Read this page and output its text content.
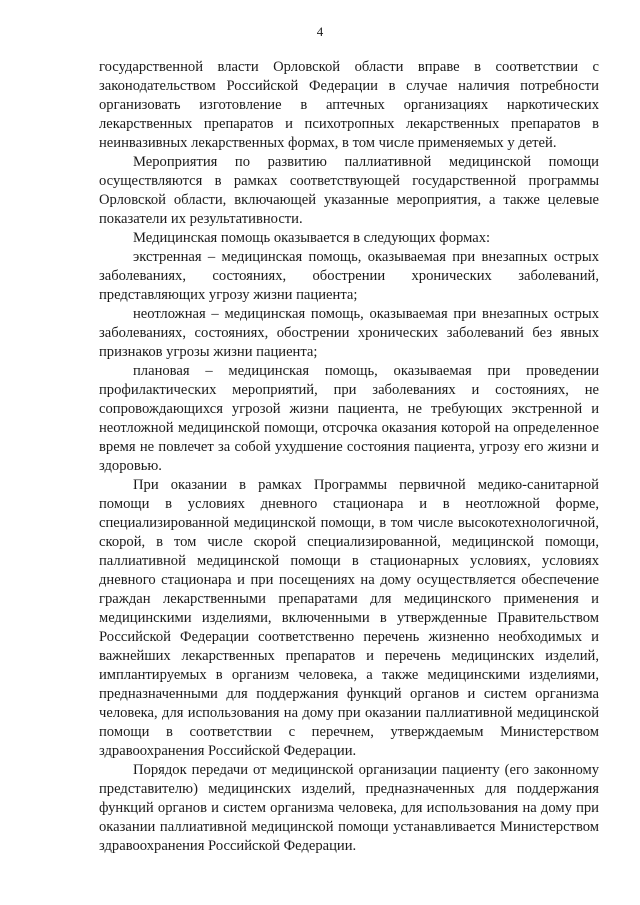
4

государственной власти Орловской области вправе в соответствии с законодательством Российской Федерации в случае наличия потребности организовать изготовление в аптечных организациях наркотических лекарственных препаратов и психотропных лекарственных препаратов в неинвазивных лекарственных формах, в том числе применяемых у детей.

Мероприятия по развитию паллиативной медицинской помощи осуществляются в рамках соответствующей государственной программы Орловской области, включающей указанные мероприятия, а также целевые показатели их результативности.

Медицинская помощь оказывается в следующих формах:

экстренная – медицинская помощь, оказываемая при внезапных острых заболеваниях, состояниях, обострении хронических заболеваний, представляющих угрозу жизни пациента;

неотложная – медицинская помощь, оказываемая при внезапных острых заболеваниях, состояниях, обострении хронических заболеваний без явных признаков угрозы жизни пациента;

плановая – медицинская помощь, оказываемая при проведении профилактических мероприятий, при заболеваниях и состояниях, не сопровождающихся угрозой жизни пациента, не требующих экстренной и неотложной медицинской помощи, отсрочка оказания которой на определенное время не повлечет за собой ухудшение состояния пациента, угрозу его жизни и здоровью.

При оказании в рамках Программы первичной медико-санитарной помощи в условиях дневного стационара и в неотложной форме, специализированной медицинской помощи, в том числе высокотехнологичной, скорой, в том числе скорой специализированной, медицинской помощи, паллиативной медицинской помощи в стационарных условиях, условиях дневного стационара и при посещениях на дому осуществляется обеспечение граждан лекарственными препаратами для медицинского применения и медицинскими изделиями, включенными в утвержденные Правительством Российской Федерации соответственно перечень жизненно необходимых и важнейших лекарственных препаратов и перечень медицинских изделий, имплантируемых в организм человека, а также медицинскими изделиями, предназначенными для поддержания функций органов и систем организма человека, для использования на дому при оказании паллиативной медицинской помощи в соответствии с перечнем, утверждаемым Министерством здравоохранения Российской Федерации.

Порядок передачи от медицинской организации пациенту (его законному представителю) медицинских изделий, предназначенных для поддержания функций органов и систем организма человека, для использования на дому при оказании паллиативной медицинской помощи устанавливается Министерством здравоохранения Российской Федерации.
